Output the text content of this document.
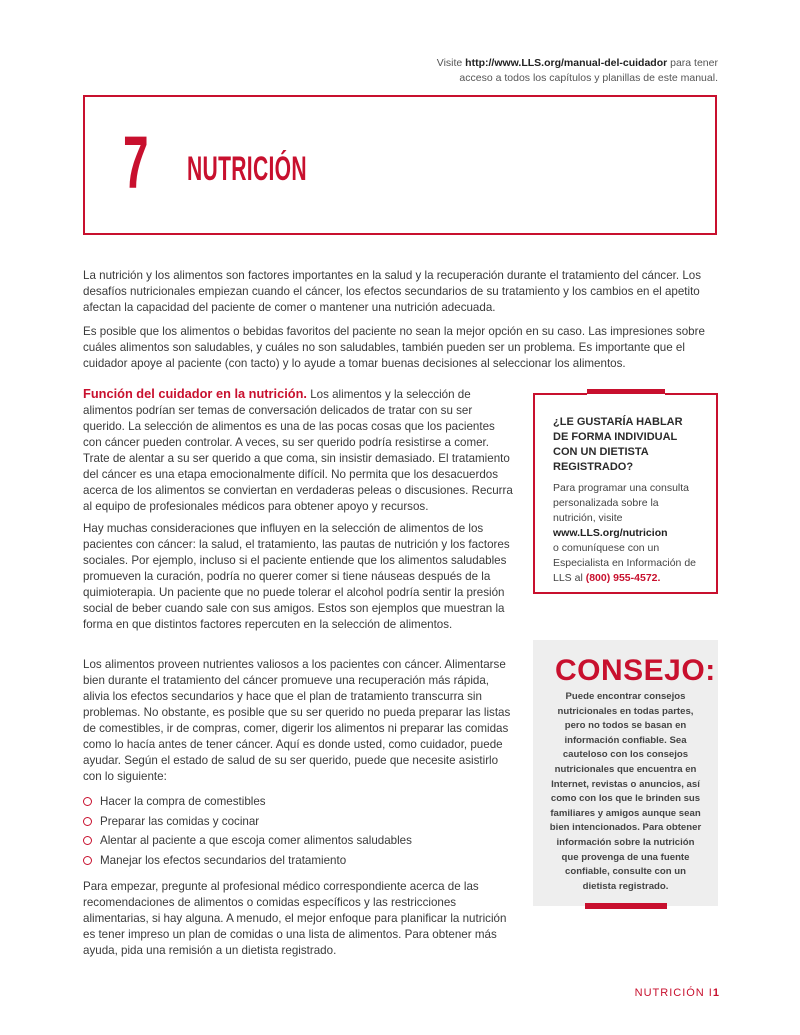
Visite http://www.LLS.org/manual-del-cuidador para tener
acceso a todos los capítulos y planillas de este manual.
7 NUTRICIÓN

La nutrición y los alimentos son factores importantes en la salud y la recuperación durante el tratamiento del cáncer. Los desafíos nutricionales empiezan cuando el cáncer, los efectos secundarios de su tratamiento y los cambios en el apetito afectan la capacidad del paciente de comer o mantener una nutrición adecuada.

Es posible que los alimentos o bebidas favoritos del paciente no sean la mejor opción en su caso. Las impresiones sobre cuáles alimentos son saludables, y cuáles no son saludables, también pueden ser un problema. Es importante que el cuidador apoye al paciente (con tacto) y lo ayude a tomar buenas decisiones al seleccionar los alimentos.

Función del cuidador en la nutrición. Los alimentos y la selección de alimentos podrían ser temas de conversación delicados de tratar con su ser querido. La selección de alimentos es una de las pocas cosas que los pacientes con cáncer pueden controlar. A veces, su ser querido podría resistirse a comer. Trate de alentar a su ser querido a que coma, sin insistir demasiado. El tratamiento del cáncer es una etapa emocionalmente difícil. No permita que los desacuerdos acerca de los alimentos se conviertan en verdaderas peleas o discusiones. Recurra al equipo de profesionales médicos para obtener apoyo y recursos.

Hay muchas consideraciones que influyen en la selección de alimentos de los pacientes con cáncer: la salud, el tratamiento, las pautas de nutrición y los factores sociales. Por ejemplo, incluso si el paciente entiende que los alimentos saludables promueven la curación, podría no querer comer si tiene náuseas después de la quimioterapia. Un paciente que no puede tolerar el alcohol podría sentir la presión social de beber cuando sale con sus amigos. Estos son ejemplos que muestran la forma en que distintos factores repercuten en la selección de alimentos.

Los alimentos proveen nutrientes valiosos a los pacientes con cáncer. Alimentarse bien durante el tratamiento del cáncer promueve una recuperación más rápida, alivia los efectos secundarios y hace que el plan de tratamiento transcurra sin problemas. No obstante, es posible que su ser querido no pueda preparar las listas de comestibles, ir de compras, comer, digerir los alimentos ni preparar las comidas como lo hacía antes de tener cáncer. Aquí es donde usted, como cuidador, puede ayudar. Según el estado de salud de su ser querido, puede que necesite asistirlo con lo siguiente:

Hacer la compra de comestibles
Preparar las comidas y cocinar
Alentar al paciente a que escoja comer alimentos saludables
Manejar los efectos secundarios del tratamiento

Para empezar, pregunte al profesional médico correspondiente acerca de las recomendaciones de alimentos o comidas específicos y las restricciones alimentarias, si hay alguna. A menudo, el mejor enfoque para planificar la nutrición es tener impreso un plan de comidas o una lista de alimentos. Para obtener más ayuda, pida una remisión a un dietista registrado.

¿LE GUSTARÍA HABLAR DE FORMA INDIVIDUAL CON UN DIETISTA REGISTRADO?

Para programar una consulta personalizada sobre la nutrición, visite
www.LLS.org/nutricion
o comuníquese con un Especialista en Información de LLS al (800) 955-4572.

CONSEJO:
Puede encontrar consejos nutricionales en todas partes, pero no todos se basan en información confiable. Sea cauteloso con los consejos nutricionales que encuentra en Internet, revistas o anuncios, así como con los que le brinden sus familiares y amigos aunque sean bien intencionados. Para obtener información sobre la nutrición que provenga de una fuente confiable, consulte con un dietista registrado.
NUTRICIÓN I1
